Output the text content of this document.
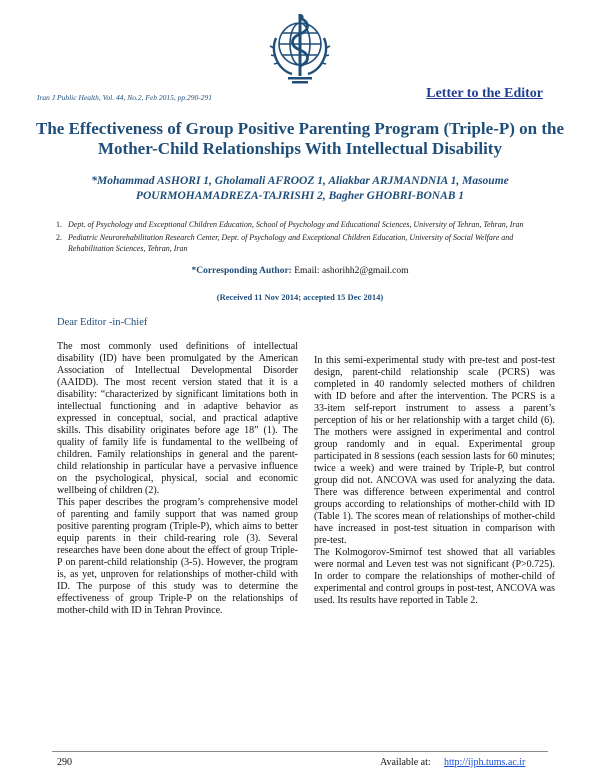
Iran J Public Health, Vol. 44, No.2, Feb 2015, pp.290-291	Letter to the Editor
The Effectiveness of Group Positive Parenting Program (Triple-P) on the Mother-Child Relationships With Intellectual Disability
*Mohammad ASHORI 1, Gholamali AFROOZ 1, Aliakbar ARJMANDNIA 1, Masoume POURMOHAMADREZA-TAJRISHI 2, Bagher GHOBRI-BONAB 1
1. Dept. of Psychology and Exceptional Children Education, School of Psychology and Educational Sciences, University of Tehran, Tehran, Iran
2. Pediatric Neurorehabilitation Research Center, Dept. of Psychology and Exceptional Children Education, University of Social Welfare and Rehabilitation Sciences, Tehran, Iran
*Corresponding Author: Email: ashorihh2@gmail.com
(Received 11 Nov 2014; accepted 15 Dec 2014)
Dear Editor -in-Chief

The most commonly used definitions of intellectual disability (ID) have been promulgated by the American Association of Intellectual Developmental Disorder (AAIDD). The most recent version stated that it is a disability: “characterized by significant limitations both in intellectual functioning and in adaptive behavior as expressed in conceptual, social, and practical adaptive skills. This disability originates before age 18” (1). The quality of family life is fundamental to the wellbeing of children. Family relationships in general and the parent-child relationship in particular have a pervasive influence on the psychological, physical, social and economic wellbeing of children (2).

This paper describes the program’s comprehensive model of parenting and family support that was named group positive parenting program (Triple-P), which aims to better equip parents in their child-rearing role (3). Several researches have been done about the effect of group Triple-P on parent-child relationship (3-5). However, the program is, as yet, unproven for relationships of mother-child with ID. The purpose of this study was to determine the effectiveness of group Triple-P on the relationships of mother-child with ID in Tehran Province.

In this semi-experimental study with pre-test and post-test design, parent-child relationship scale (PCRS) was completed in 40 randomly selected mothers of children with ID before and after the intervention. The PCRS is a 33-item self-report instrument to assess a parent’s perception of his or her relationship with a target child (6). The mothers were assigned in experimental and control group randomly and in equal. Experimental group participated in 8 sessions (each session lasts for 60 minutes; twice a week) and were trained by Triple-P, but control group did not. ANCOVA was used for analyzing the data. There was difference between experimental and control groups according to relationships of mother-child with ID (Table 1). The scores mean of relationships of mother-child have increased in post-test situation in comparison with pre-test.

The Kolmogorov-Smirnof test showed that all variables were normal and Leven test was not significant (P>0.725). In order to compare the relationships of mother-child of experimental and control groups in post-test, ANCOVA was used. Its results have reported in Table 2.

290	Available at: http://ijph.tums.ac.ir
